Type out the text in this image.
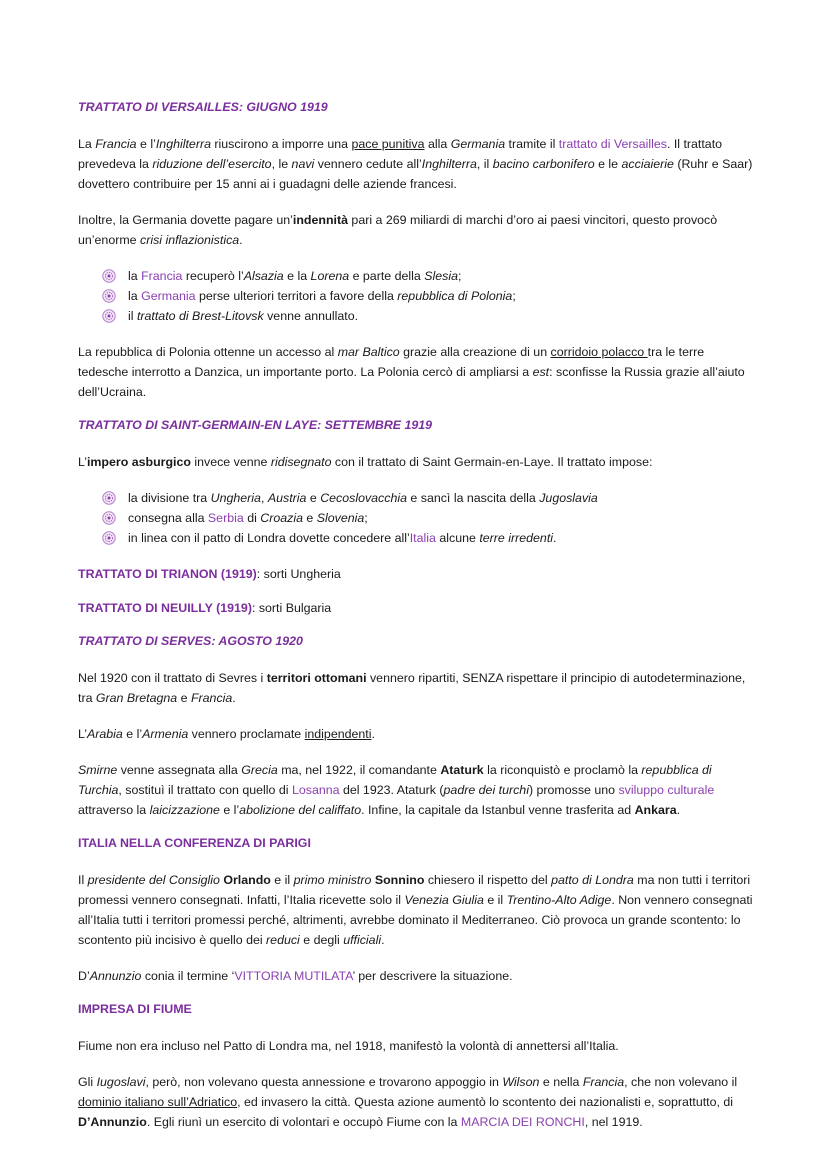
TRATTATO DI VERSAILLES: GIUGNO 1919

La Francia e l’Inghilterra riuscirono a imporre una pace punitiva alla Germania tramite il trattato di Versailles. Il trattato prevedeva la riduzione dell’esercito, le navi vennero cedute all’Inghilterra, il bacino carbonifero e le acciaierie (Ruhr e Saar) dovettero contribuire per 15 anni ai i guadagni delle aziende francesi.

Inoltre, la Germania dovette pagare un’indennità pari a 269 miliardi di marchi d’oro ai paesi vincitori, questo provocò un’enorme crisi inflazionistica.

la Francia recuperò l’Alsazia e la Lorena e parte della Slesia;
la Germania perse ulteriori territori a favore della repubblica di Polonia;
il trattato di Brest-Litovsk venne annullato.

La repubblica di Polonia ottenne un accesso al mar Baltico grazie alla creazione di un corridoio polacco tra le terre tedesche interrotto a Danzica, un importante porto. La Polonia cercò di ampliarsi a est: sconfisse la Russia grazie all’aiuto dell’Ucraina.

TRATTATO DI SAINT-GERMAIN-EN LAYE: SETTEMBRE 1919

L’impero asburgico invece venne ridisegnato con il trattato di Saint Germain-en-Laye. Il trattato impose:

la divisione tra Ungheria, Austria e Cecoslovacchia e sancì la nascita della Jugoslavia
consegna alla Serbia di Croazia e Slovenia;
in linea con il patto di Londra dovette concedere all’Italia alcune terre irredenti.

TRATTATO DI TRIANON (1919): sorti Ungheria

TRATTATO DI NEUILLY (1919): sorti Bulgaria

TRATTATO DI SERVES: AGOSTO 1920

Nel 1920 con il trattato di Sevres i territori ottomani vennero ripartiti, SENZA rispettare il principio di autodeterminazione, tra Gran Bretagna e Francia.

L’Arabia e l’Armenia vennero proclamate indipendenti.

Smirne venne assegnata alla Grecia ma, nel 1922, il comandante Ataturk la riconquistò e proclamò la repubblica di Turchia, sostituì il trattato con quello di Losanna del 1923. Ataturk (padre dei turchi) promosse uno sviluppo culturale attraverso la laicizzazione e l’abolizione del califfato. Infine, la capitale da Istanbul venne trasferita ad Ankara.

ITALIA NELLA CONFERENZA DI PARIGI

Il presidente del Consiglio Orlando e il primo ministro Sonnino chiesero il rispetto del patto di Londra ma non tutti i territori promessi vennero consegnati. Infatti, l’Italia ricevette solo il Venezia Giulia e il Trentino-Alto Adige. Non vennero consegnati all’Italia tutti i territori promessi perché, altrimenti, avrebbe dominato il Mediterraneo. Ciò provoca un grande scontento: lo scontento più incisivo è quello dei reduci e degli ufficiali.

D’Annunzio conia il termine ‘VITTORIA MUTILATA’ per descrivere la situazione.

IMPRESA DI FIUME

Fiume non era incluso nel Patto di Londra ma, nel 1918, manifestò la volontà di annettersi all’Italia.

Gli Iugoslavi, però, non volevano questa annessione e trovarono appoggio in Wilson e nella Francia, che non volevano il dominio italiano sull’Adriatico, ed invasero la città. Questa azione aumentò lo scontento dei nazionalisti e, soprattutto, di D’Annunzio. Egli riunì un esercito di volontari e occupò Fiume con la MARCIA DEI RONCHI, nel 1919.
